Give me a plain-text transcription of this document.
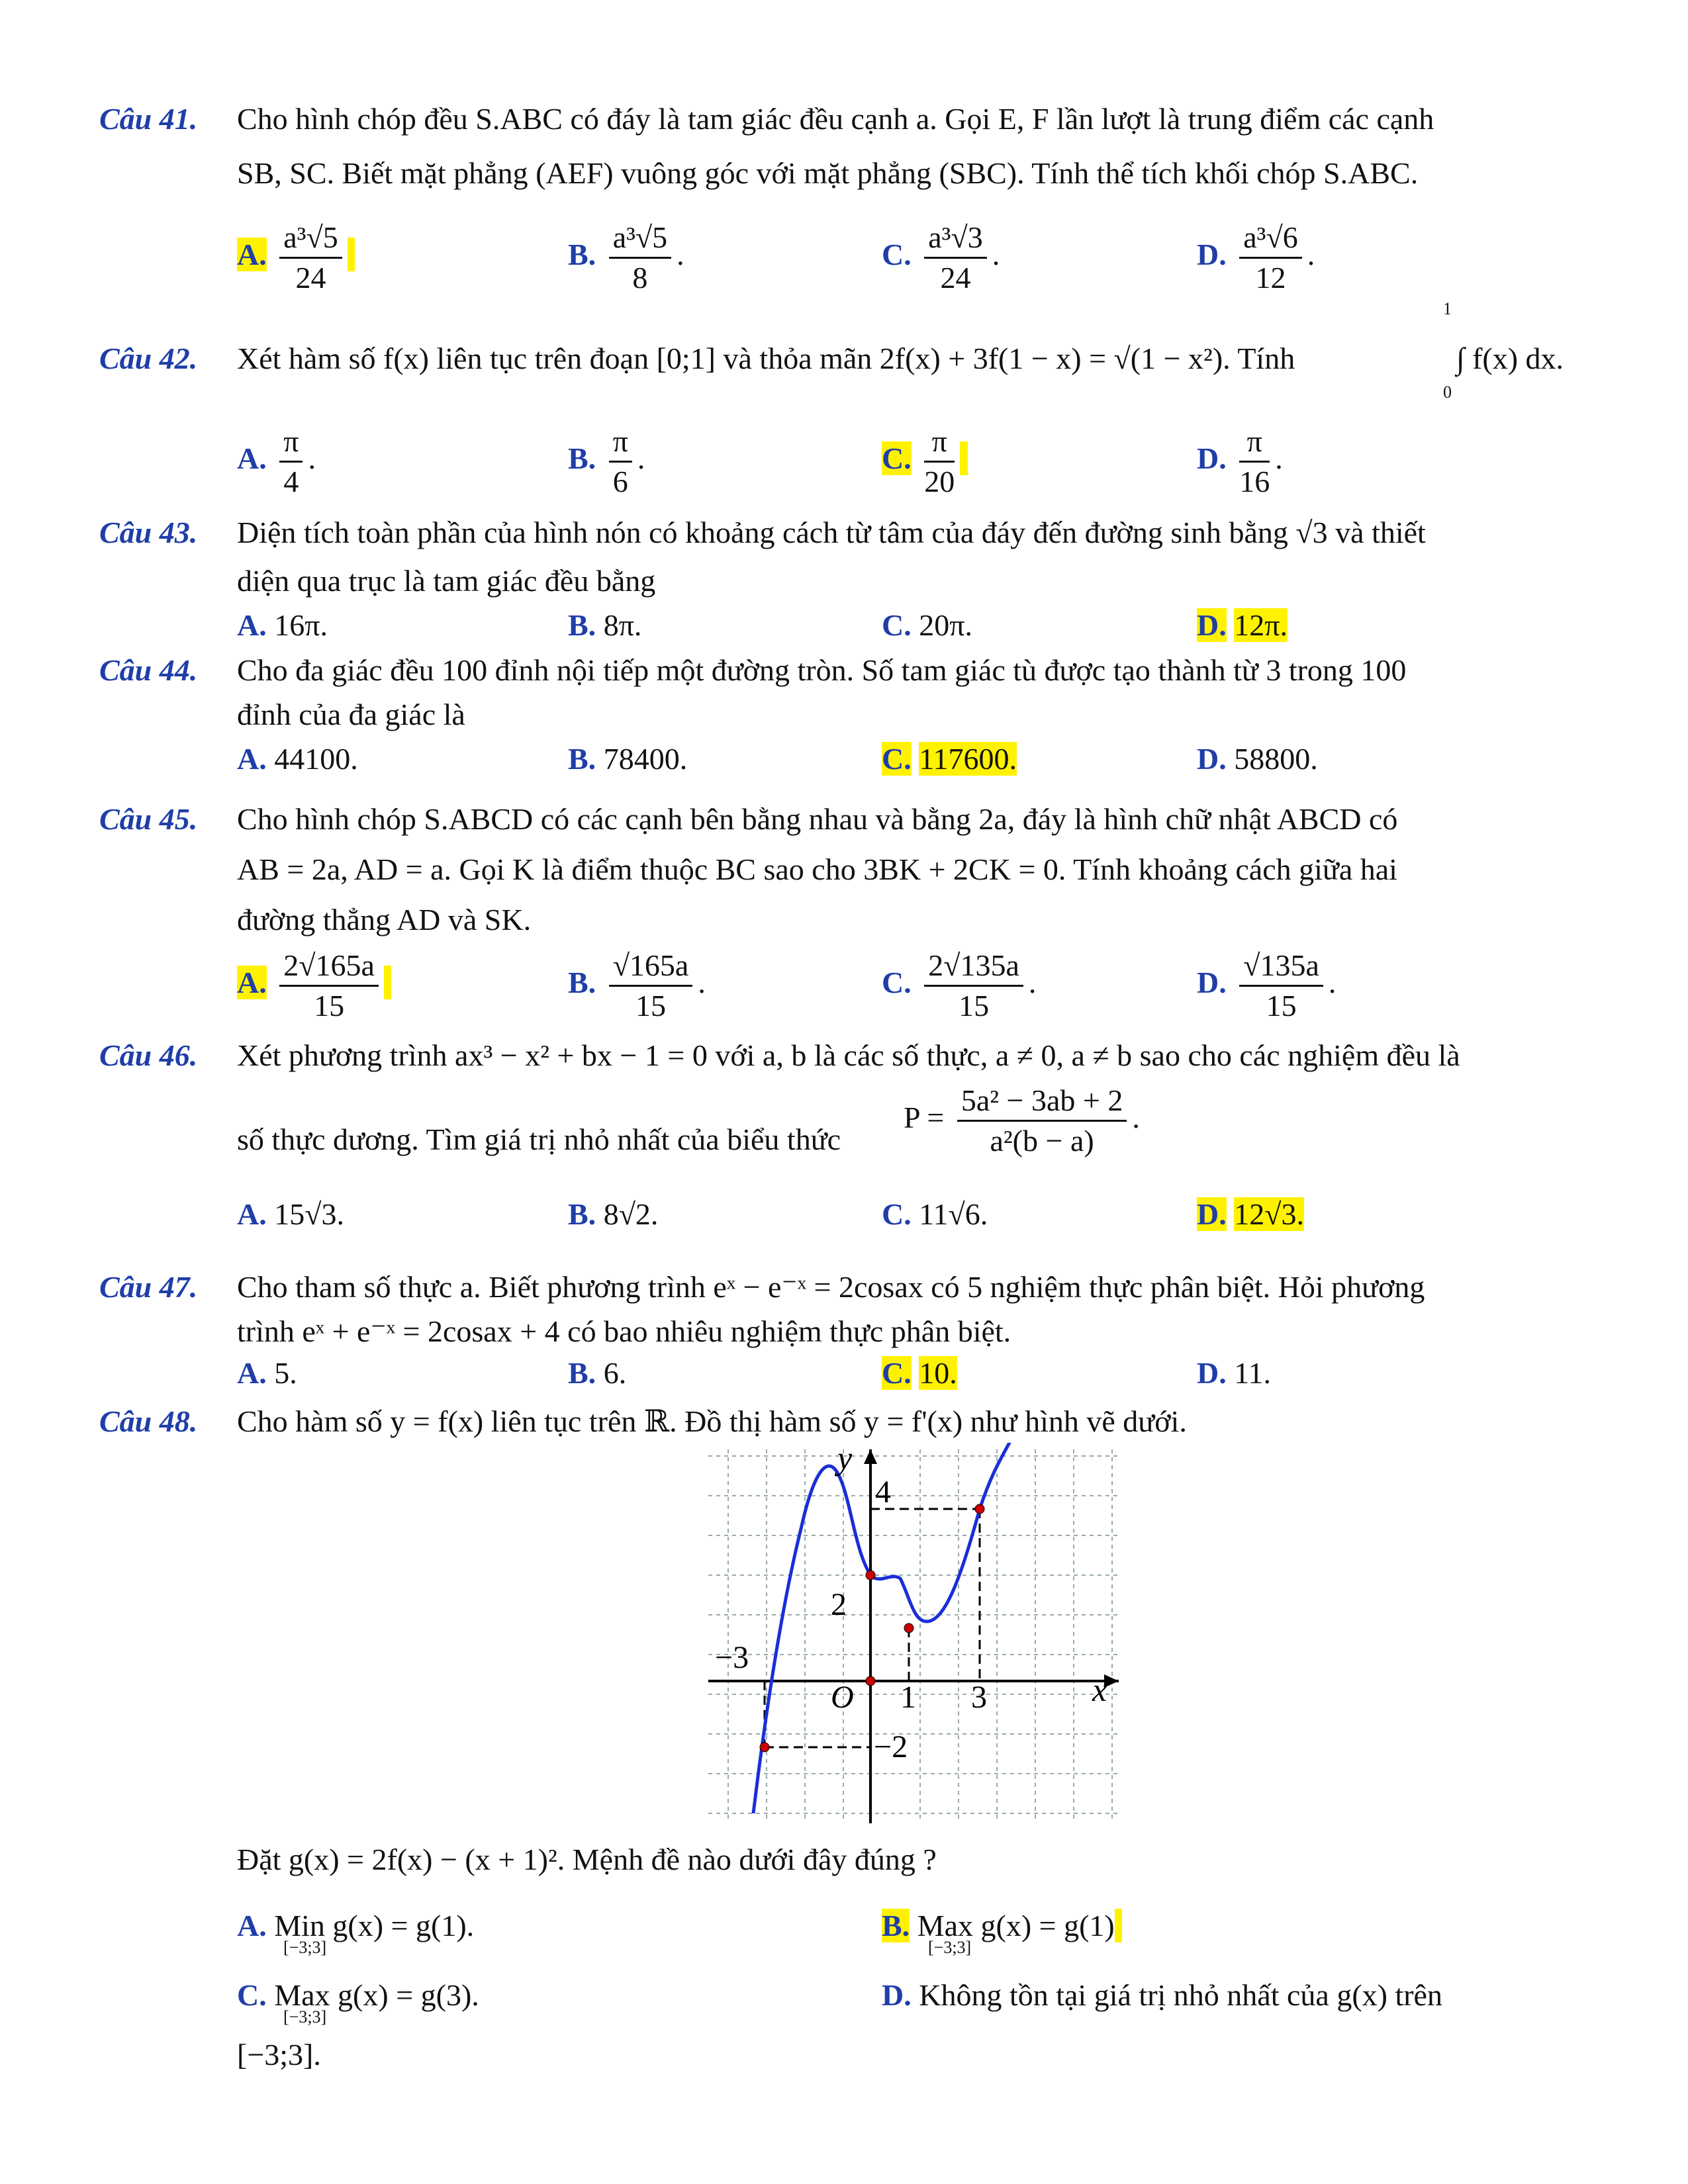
Câu 41. Cho hình chóp đều S.ABC có đáy là tam giác đều cạnh a. Gọi E, F lần lượt là trung điểm các cạnh
SB, SC. Biết mặt phẳng (AEF) vuông góc với mặt phẳng (SBC). Tính thể tích khối chóp S.ABC.
A. $\frac{\text{a³√5}}{24}$
	B. $\frac{\text{a³√5}}{8}$ .	C. $\frac{\text{a³√3}}{24}$ .	D. $\frac{\text{a³√6}}{12}$ .
Câu 42. Xét hàm số f(x) liên tục trên đoạn [0;1] và thỏa mãn 2f(x) + 3f(1 − x) = √(1 − x²). Tính
1
0
∫ f(x) dx.
A. $\frac{\pi}{4}$ .	B. $\frac{\pi}{6}$ .	C. $\frac{\pi}{20}$
	D. $\frac{\pi}{16}$ .
Câu 43. Diện tích toàn phần của hình nón có khoảng cách từ tâm của đáy đến đường sinh bằng √3 và thiết
diện qua trục là tam giác đều bằng
A. 16π.	B. 8π.	C. 20π.	D. 12π.
Câu 44. Cho đa giác đều 100 đỉnh nội tiếp một đường tròn. Số tam giác tù được tạo thành từ 3 trong 100
đỉnh của đa giác là
A. 44100.	B. 78400.	C. 117600.	D. 58800.
Câu 45. Cho hình chóp S.ABCD có các cạnh bên bằng nhau và bằng 2a, đáy là hình chữ nhật ABCD có
AB = 2a, AD = a. Gọi K là điểm thuộc BC sao cho 3BK + 2CK = 0. Tính khoảng cách giữa hai
đường thẳng AD và SK.
A. $\frac{2√165a}{15}$
	B. $\frac{√165a}{15}$ .	C. $\frac{2√135a}{15}$ .	D. $\frac{√135a}{15}$ .
Câu 46. Xét phương trình ax³ − x² + bx − 1 = 0 với a, b là các số thực, a ≠ 0, a ≠ b sao cho các nghiệm đều là
số thực dương. Tìm giá trị nhỏ nhất của biểu thức
$P = \frac{\text{5a² − 3ab + 2}}{\text{a²(b − a)}}$ .
A. 15√3.	B. 8√2.	C. 11√6.	D. 12√3.
Câu 47. Cho tham số thực a. Biết phương trình eˣ − e⁻ˣ = 2cosax có 5 nghiệm thực phân biệt. Hỏi phương
trình eˣ + e⁻ˣ = 2cosax + 4 có bao nhiêu nghiệm thực phân biệt.
A. 5.	B. 6.	C. 10.	D. 11.
Câu 48. Cho hàm số y = f(x) liên tục trên ℝ. Đồ thị hàm số y = f'(x) như hình vẽ dưới.
y
x
4
2
−3
O 1 3
−2
Đặt g(x) = 2f(x) − (x + 1)². Mệnh đề nào dưới đây đúng ?
A. Min g(x) = g(1).
[−3;3]
B. Max g(x) = g(1)
[−3;3]
C. Max g(x) = g(3).
[−3;3]
D. Không tồn tại giá trị nhỏ nhất của g(x) trên
[−3;3].
